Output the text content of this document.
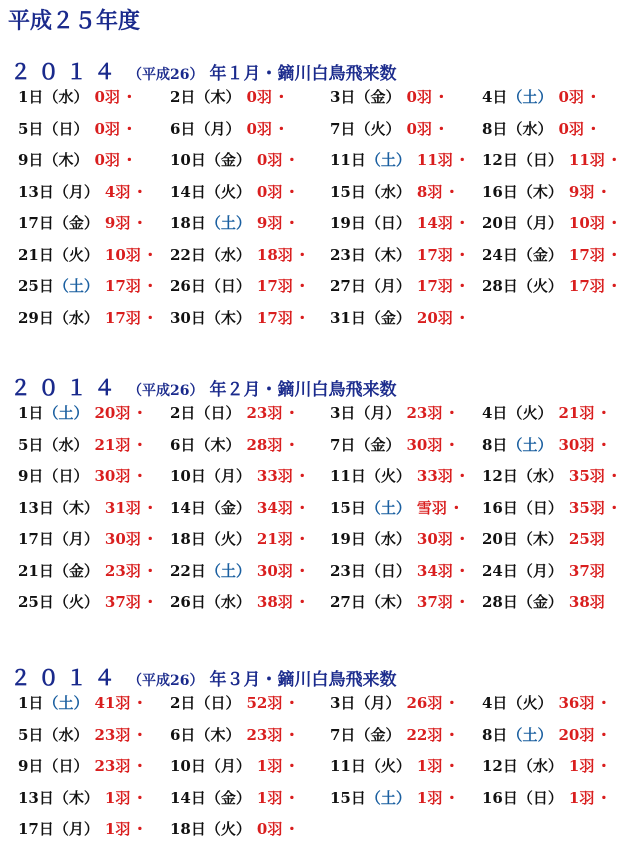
平成２５年度
２０１４ （平成26） 年１月・鏑川白鳥飛来数
1日（水） 0羽 ・ 2日（木） 0羽 ・	3日（金） 0羽 ・ 4日（土） 0羽 ・
5日（日） 0羽 ・ 6日（月） 0羽 ・	7日（火） 0羽 ・ 8日（水） 0羽 ・
9日（木） 0羽 ・ 10日（金） 0羽 ・ 11日（土） 11羽 ・ 12日（日） 11羽 ・
13日（月） 4羽 ・ 14日（火） 0羽 ・ 15日（水） 8羽 ・ 16日（木） 9羽 ・
17日（金） 9羽 ・ 18日（土） 9羽 ・ 19日（日） 14羽 ・ 20日（月） 10羽 ・
21日（火） 10羽 ・ 22日（水） 18羽 ・ 23日（木） 17羽 ・ 24日（金） 17羽 ・
25日（土） 17羽 ・ 26日（日） 17羽 ・ 27日（月） 17羽 ・ 28日（火） 17羽 ・
29日（水） 17羽 ・ 30日（木） 17羽 ・ 31日（金） 20羽 ・
２０１４ （平成26） 年２月・鏑川白鳥飛来数
1日（土） 20羽 ・ 2日（日） 23羽 ・ 3日（月） 23羽 ・ 4日（火） 21羽 ・
5日（水） 21羽 ・ 6日（木） 28羽 ・ 7日（金） 30羽 ・ 8日（土） 30羽 ・
9日（日） 30羽 ・ 10日（月） 33羽 ・ 11日（火） 33羽 ・ 12日（水） 35羽 ・
13日（木） 31羽 ・ 14日（金） 34羽 ・ 15日（土） 雪羽 ・ 16日（日） 35羽 ・
17日（月） 30羽 ・ 18日（火） 21羽 ・ 19日（水） 30羽 ・ 20日（木） 25羽
21日（金） 23羽 ・ 22日（土） 30羽 ・ 23日（日） 34羽 ・ 24日（月） 37羽
25日（火） 37羽 ・ 26日（水） 38羽 ・ 27日（木） 37羽 ・ 28日（金） 38羽
２０１４ （平成26） 年３月・鏑川白鳥飛来数
1日（土） 41羽 ・ 2日（日） 52羽 ・ 3日（月） 26羽 ・ 4日（火） 36羽 ・
5日（水） 23羽 ・ 6日（木） 23羽 ・ 7日（金） 22羽 ・ 8日（土） 20羽 ・
9日（日） 23羽 ・ 10日（月） 1羽 ・ 11日（火） 1羽 ・ 12日（水） 1羽 ・
13日（木） 1羽 ・ 14日（金） 1羽 ・ 15日（土） 1羽 ・ 16日（日） 1羽 ・
17日（月） 1羽 ・ 18日（火） 0羽 ・
